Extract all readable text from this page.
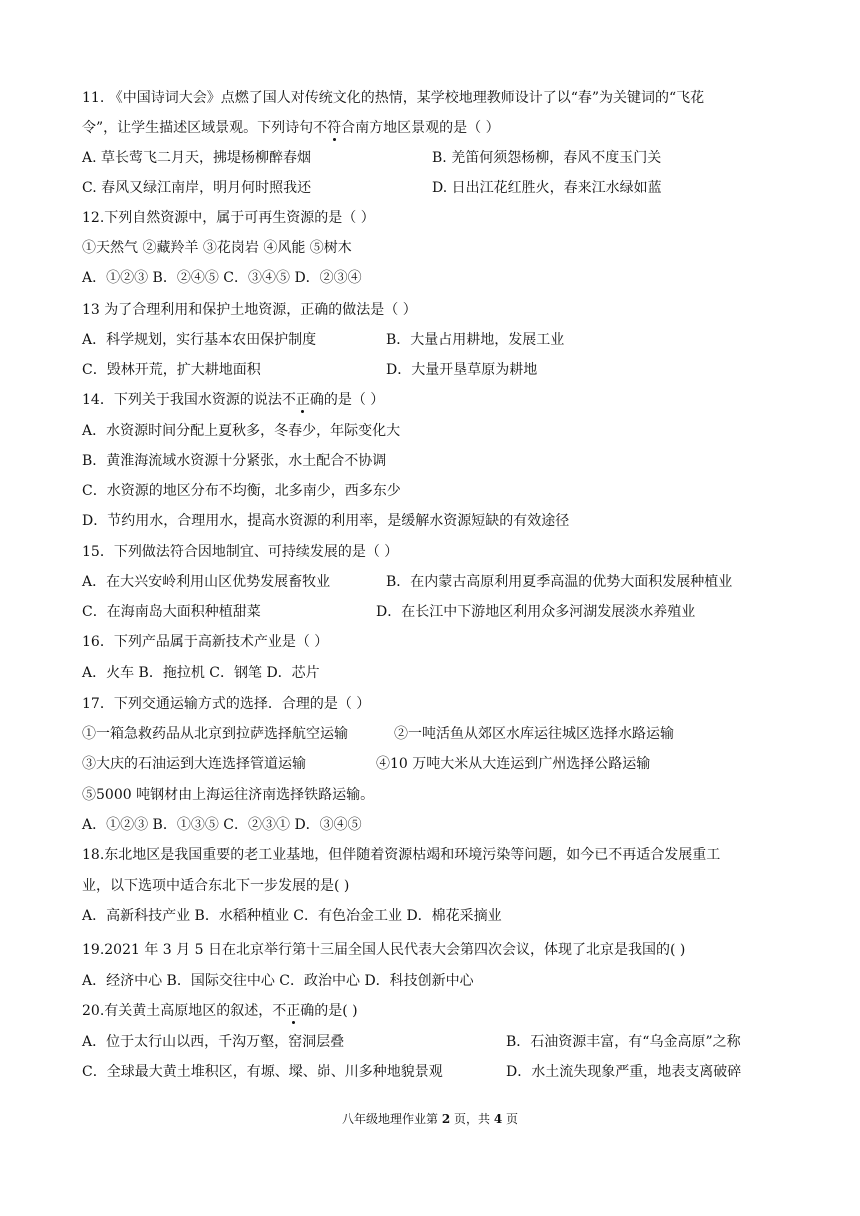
11. 《中国诗词大会》点燃了国人对传统文化的热情，某学校地理教师设计了以“春”为关键词的“飞花
令”，让学生描述区域景观。下列诗句不符合南方地区景观的是（ ）
A. 草长莺飞二月天，拂堤杨柳醉春烟	B. 羌笛何须怨杨柳，春风不度玉门关
C. 春风又绿江南岸，明月何时照我还	D. 日出江花红胜火，春来江水绿如蓝
12.下列自然资源中，属于可再生资源的是（ ）
①天然气 ②藏羚羊 ③花岗岩 ④风能 ⑤树木
A．①②③ B．②④⑤ C．③④⑤ D．②③④
13 为了合理利用和保护土地资源，正确的做法是（ ）
A．科学规划，实行基本农田保护制度	B．大量占用耕地，发展工业
C．毁林开荒，扩大耕地面积	D．大量开垦草原为耕地
14．下列关于我国水资源的说法不正确的是（ ）
A．水资源时间分配上夏秋多，冬春少，年际变化大
B．黄淮海流域水资源十分紧张，水土配合不协调
C．水资源的地区分布不均衡，北多南少，西多东少
D．节约用水，合理用水，提高水资源的利用率，是缓解水资源短缺的有效途径
15．下列做法符合因地制宜、可持续发展的是（ ）
A．在大兴安岭利用山区优势发展畜牧业	B．在内蒙古高原利用夏季高温的优势大面积发展种植业
C．在海南岛大面积种植甜菜	D．在长江中下游地区利用众多河湖发展淡水养殖业
16．下列产品属于高新技术产业是（ ）
A．火车 B．拖拉机 C．钢笔 D．芯片
17．下列交通运输方式的选择．合理的是（ ）
①一箱急救药品从北京到拉萨选择航空运输	②一吨活鱼从郊区水库运往城区选择水路运输
③大庆的石油运到大连选择管道运输	④10 万吨大米从大连运到广州选择公路运输
⑤5000 吨钢材由上海运往济南选择铁路运输。
A．①②③ B．①③⑤ C．②③① D．③④⑤
18.东北地区是我国重要的老工业基地，但伴随着资源枯竭和环境污染等问题，如今已不再适合发展重工
业，以下选项中适合东北下一步发展的是( )
A．高新科技产业 B．水稻种植业 C．有色冶金工业 D．棉花采摘业
19.2021 年 3 月 5 日在北京举行第十三届全国人民代表大会第四次会议，体现了北京是我国的( )
A．经济中心 B．国际交往中心 C．政治中心 D．科技创新中心
20.有关黄土高原地区的叙述，不正确的是( )
A．位于太行山以西，千沟万壑，窑洞层叠	B．石油资源丰富，有“乌金高原”之称
C．全球最大黄土堆积区，有塬、墚、峁、川多种地貌景观	D．水土流失现象严重，地表支离破碎
八年级地理作业第 2 页，共 4 页
